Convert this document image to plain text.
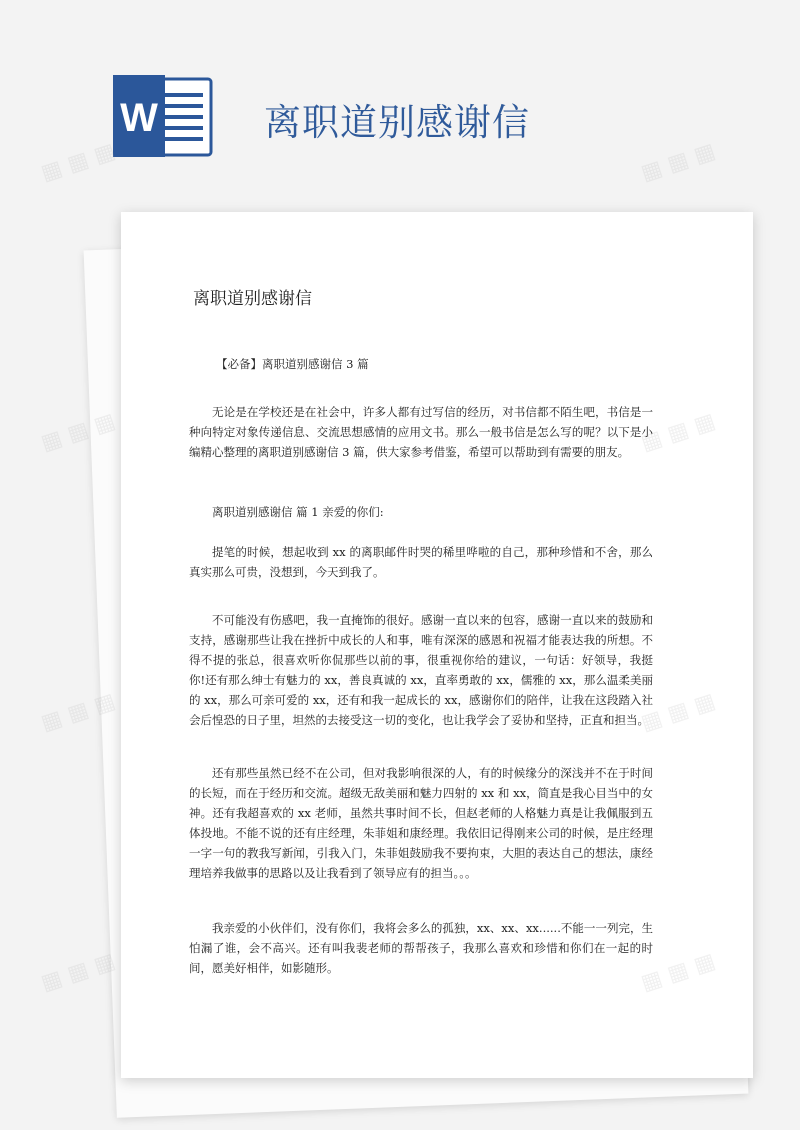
W	离职道别感谢信
离职道别感谢信
【必备】离职道别感谢信 3 篇

无论是在学校还是在社会中，许多人都有过写信的经历，对书信都不陌生吧，书信是一种向特定对象传递信息、交流思想感情的应用文书。那么一般书信是怎么写的呢？以下是小编精心整理的离职道别感谢信 3 篇，供大家参考借鉴，希望可以帮助到有需要的朋友。

离职道别感谢信 篇 1 亲爱的你们:

提笔的时候，想起收到 xx 的离职邮件时哭的稀里哗啦的自己，那种珍惜和不舍，那么真实那么可贵，没想到，今天到我了。

不可能没有伤感吧，我一直掩饰的很好。感谢一直以来的包容，感谢一直以来的鼓励和支持，感谢那些让我在挫折中成长的人和事，唯有深深的感恩和祝福才能表达我的所想。不得不提的张总，很喜欢听你侃那些以前的事，很重视你给的建议，一句话：好领导，我挺你!还有那么绅士有魅力的 xx，善良真诚的 xx，直率勇敢的 xx，儒雅的 xx，那么温柔美丽的 xx，那么可亲可爱的 xx，还有和我一起成长的 xx，感谢你们的陪伴，让我在这段踏入社会后惶恐的日子里，坦然的去接受这一切的变化，也让我学会了妥协和坚持，正直和担当。

还有那些虽然已经不在公司，但对我影响很深的人，有的时候缘分的深浅并不在于时间的长短，而在于经历和交流。超级无敌美丽和魅力四射的 xx 和 xx，简直是我心目当中的女神。还有我超喜欢的 xx 老师，虽然共事时间不长，但赵老师的人格魅力真是让我佩服到五体投地。不能不说的还有庄经理，朱菲姐和康经理。我依旧记得刚来公司的时候，是庄经理一字一句的教我写新闻，引我入门，朱菲姐鼓励我不要拘束，大胆的表达自己的想法，康经理培养我做事的思路以及让我看到了领导应有的担当。。。

我亲爱的小伙伴们，没有你们，我将会多么的孤独，xx、xx、xx......不能一一列完，生怕漏了谁，会不高兴。还有叫我裴老师的帮帮孩子，我那么喜欢和珍惜和你们在一起的时间，愿美好相伴，如影随形。

▦ ▦ ▦	▦ ▦ ▦
▦ ▦ ▦
▦ ▦ ▦
▦ ▦ ▦
